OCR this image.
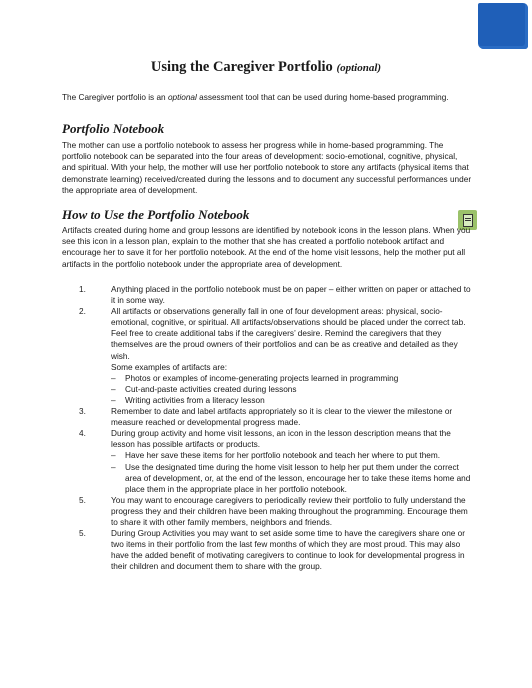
Using the Caregiver Portfolio (optional)
The Caregiver portfolio is an optional assessment tool that can be used during home-based programming.
Portfolio Notebook
The mother can use a portfolio notebook to assess her progress while in home-based programming. The portfolio notebook can be separated into the four areas of development: socio-emotional, cognitive, physical, and spiritual. With your help, the mother will use her portfolio notebook to store any artifacts (physical items that demonstrate learning) received/created during the lessons and to document any successful performances under the appropriate area of development.
How to Use the Portfolio Notebook
Artifacts created during home and group lessons are identified by notebook icons in the lesson plans. When you see this icon in a lesson plan, explain to the mother that she has created a portfolio notebook artifact and encourage her to save it for her portfolio notebook. At the end of the home visit lessons, help the mother put all artifacts in the portfolio notebook under the appropriate area of development.
1.	Anything placed in the portfolio notebook must be on paper – either written on paper or attached to it in some way.
2.	All artifacts or observations generally fall in one of four development areas: physical, socio-emotional, cognitive, or spiritual. All artifacts/observations should be placed under the correct tab. Feel free to create additional tabs if the caregivers’ desire. Remind the caregivers that they themselves are the proud owners of their portfolios and can be as creative and detailed as they wish.
Some examples of artifacts are:
–	Photos or examples of income-generating projects learned in programming
–	Cut-and-paste activities created during lessons
–	Writing activities from a literacy lesson
3.	Remember to date and label artifacts appropriately so it is clear to the viewer the milestone or measure reached or developmental progress made.
4.	During group activity and home visit lessons, an icon in the lesson description means that the lesson has possible artifacts or products.
–	Have her save these items for her portfolio notebook and teach her where to put them.
–	Use the designated time during the home visit lesson to help her put them under the correct area of development, or, at the end of the lesson, encourage her to take these items home and place them in the appropriate place in her portfolio notebook.
5.	You may want to encourage caregivers to periodically review their portfolio to fully understand the progress they and their children have been making throughout the programming. Encourage them to share it with other family members, neighbors and friends.
5.	During Group Activities you may want to set aside some time to have the caregivers share one or two items in their portfolio from the last few months of which they are most proud. This may also have the added benefit of motivating caregivers to continue to look for developmental progress in their children and document them to share with the group.
